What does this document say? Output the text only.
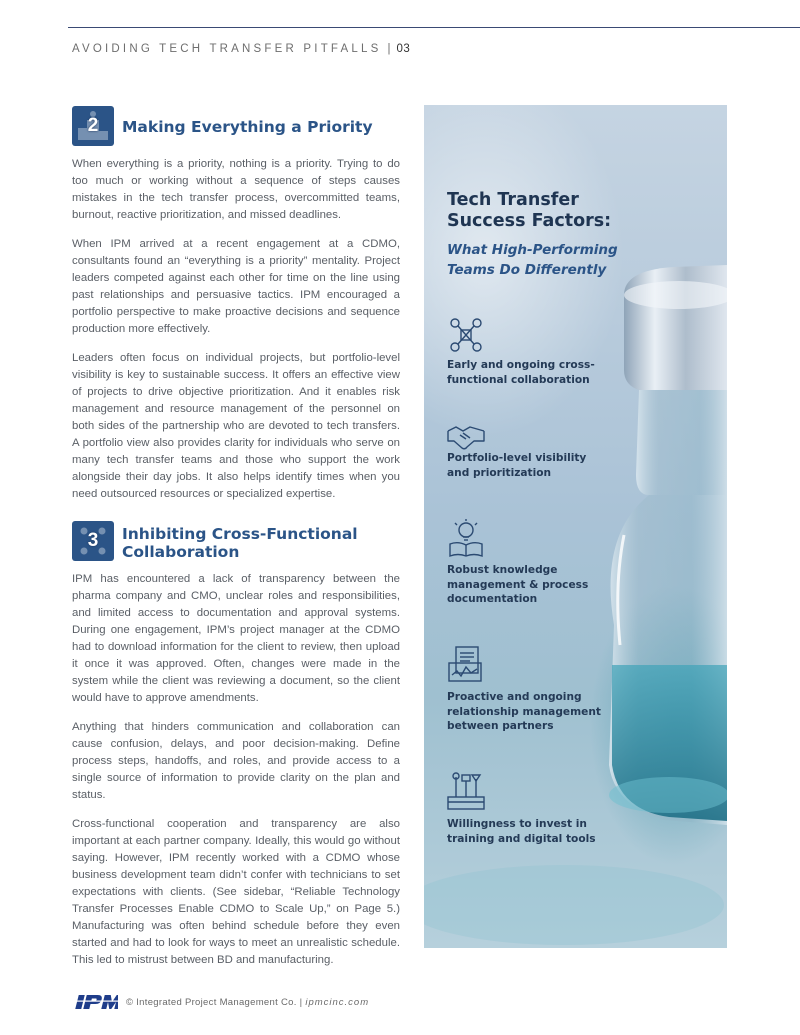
AVOIDING TECH TRANSFER PITFALLS | 03
2 Making Everything a Priority

When everything is a priority, nothing is a priority. Trying to do too much or working without a sequence of steps causes mistakes in the tech transfer process, overcommitted teams, burnout, reactive prioritization, and missed deadlines.

When IPM arrived at a recent engagement at a CDMO, consultants found an “everything is a priority” mentality. Project leaders competed against each other for time on the line using past relationships and persuasive tactics. IPM encouraged a portfolio perspective to make proactive decisions and sequence production more effectively.

Leaders often focus on individual projects, but portfolio-level visibility is key to sustainable success. It offers an effective view of projects to drive objective prioritization. And it enables risk management and resource management of the personnel on both sides of the partnership who are devoted to tech transfers. A portfolio view also provides clarity for individuals who serve on many tech transfer teams and those who support the work alongside their day jobs. It also helps identify times when you need outsourced resources or specialized expertise.

3 Inhibiting Cross-Functional
Collaboration

IPM has encountered a lack of transparency between the pharma company and CMO, unclear roles and responsibilities, and limited access to documentation and approval systems. During one engagement, IPM’s project manager at the CDMO had to download information for the client to review, then upload it once it was approved. Often, changes were made in the system while the client was reviewing a document, so the client would have to approve amendments.

Anything that hinders communication and collaboration can cause confusion, delays, and poor decision-making. Define process steps, handoffs, and roles, and provide access to a single source of information to provide clarity on the plan and status.

Cross-functional cooperation and transparency are also important at each partner company. Ideally, this would go without saying. However, IPM recently worked with a CDMO whose business development team didn’t confer with technicians to set expectations with clients. (See sidebar, “Reliable Technology Transfer Processes Enable CDMO to Scale Up,” on Page 5.) Manufacturing was often behind schedule before they even started and had to look for ways to meet an unrealistic schedule. This led to mistrust between BD and manufacturing.

Tech Transfer Success Factors:
What High-Performing Teams Do Differently
Early and ongoing cross-functional collaboration
Portfolio-level visibility and prioritization
Robust knowledge management & process documentation
Proactive and ongoing relationship management between partners
Willingness to invest in training and digital tools
© Integrated Project Management Co. | ipmcinc.com
